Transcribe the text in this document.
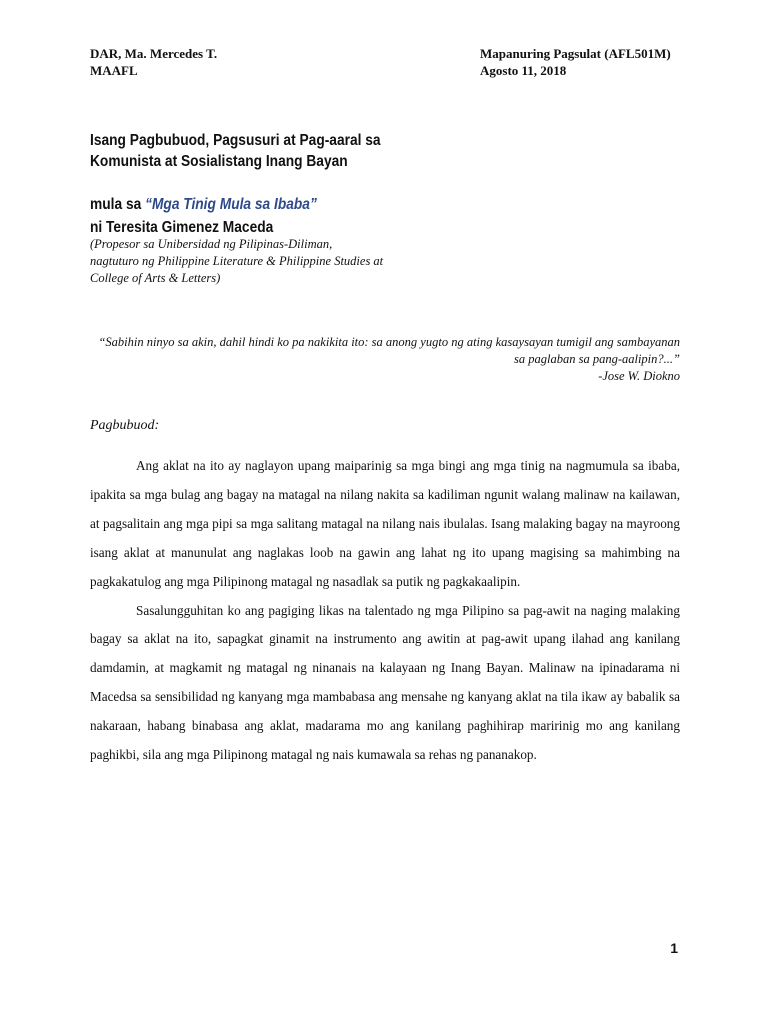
DAR, Ma. Mercedes T.
MAAFL
Mapanuring Pagsulat (AFL501M)
Agosto 11, 2018
Isang Pagbubuod, Pagsusuri at Pag-aaral sa
Komunista at Sosialistang Inang Bayan
mula sa “Mga Tinig Mula sa Ibaba”
ni Teresita Gimenez Maceda
(Propesor sa Unibersidad ng Pilipinas-Diliman,
nagtuturo ng Philippine Literature & Philippine Studies at
College of Arts & Letters)
“Sabihin ninyo sa akin, dahil hindi ko pa nakikita ito: sa anong yugto ng ating kasaysayan tumigil ang sambayanan
sa paglaban sa pang-aalipin?...”
-Jose W. Diokno
Pagbubuod:

Ang aklat na ito ay naglayon upang maiparinig sa mga bingi ang mga tinig na nagmumula sa ibaba, ipakita sa mga bulag ang bagay na matagal na nilang nakita sa kadiliman ngunit walang malinaw na kailawan, at pagsalitain ang mga pipi sa mga salitang matagal na nilang nais ibulalas. Isang malaking bagay na mayroong isang aklat at manunulat ang naglakas loob na gawin ang lahat ng ito upang magising sa mahimbing na pagkakatulog ang mga Pilipinong matagal ng nasadlak sa putik ng pagkakaalipin.

Sasalungguhitan ko ang pagiging likas na talentado ng mga Pilipino sa pag-awit na naging malaking bagay sa aklat na ito, sapagkat ginamit na instrumento ang awitin at pag-awit upang ilahad ang kanilang damdamin, at magkamit ng matagal ng ninanais na kalayaan ng Inang Bayan. Malinaw na ipinadarama ni Macedsa sa sensibilidad ng kanyang mga mambabasa ang mensahe ng kanyang aklat na tila ikaw ay babalik sa nakaraan, habang binabasa ang aklat, madarama mo ang kanilang paghihirap maririnig mo ang kanilang paghikbi, sila ang mga Pilipinong matagal ng nais kumawala sa rehas ng pananakop.

1
